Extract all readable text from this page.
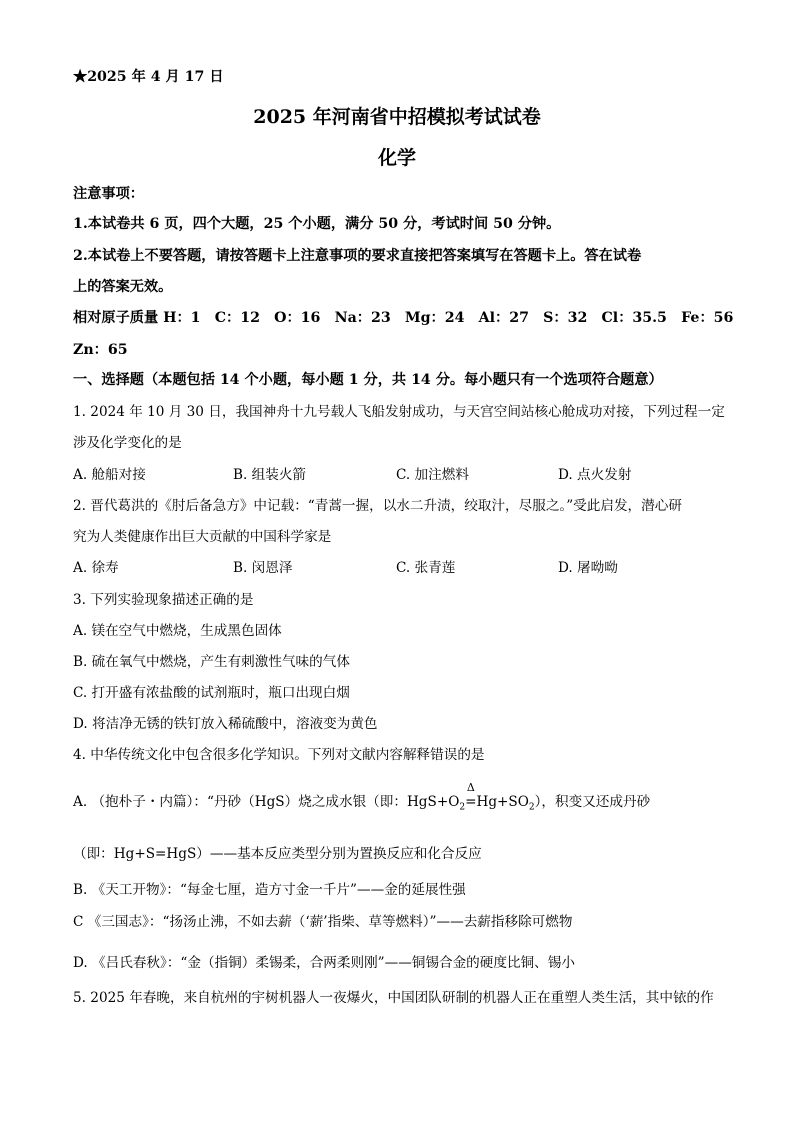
★2025 年 4 月 17 日
2025 年河南省中招模拟考试试卷
化学
注意事项：
1.本试卷共 6 页，四个大题，25 个小题，满分 50 分，考试时间 50 分钟。
2.本试卷上不要答题，请按答题卡上注意事项的要求直接把答案填写在答题卡上。答在试卷
上的答案无效。
相对原子质量 H：1　C：12　O：16　Na：23　Mg：24　Al：27　S：32　Cl：35.5　Fe：56
Zn：65
一、选择题（本题包括 14 个小题，每小题 1 分，共 14 分。每小题只有一个选项符合题意）
1. 2024 年 10 月 30 日，我国神舟十九号载人飞船发射成功，与天宫空间站核心舱成功对接，下列过程一定
涉及化学变化的是
A. 舱船对接	B. 组装火箭	C. 加注燃料	D. 点火发射
2. 晋代葛洪的《肘后备急方》中记载：“青蒿一握，以水二升渍，绞取汁，尽服之。”受此启发，潜心研
究为人类健康作出巨大贡献的中国科学家是
A. 徐寿	B. 闵恩泽	C. 张青莲	D. 屠呦呦
3. 下列实验现象描述正确的是
A. 镁在空气中燃烧，生成黑色固体
B. 硫在氧气中燃烧，产生有刺激性气味的气体
C. 打开盛有浓盐酸的试剂瓶时，瓶口出现白烟
D. 将洁净无锈的铁钉放入稀硫酸中，溶液变为黄色
4. 中华传统文化中包含很多化学知识。下列对文献内容解释错误的是
A. （抱朴子・内篇）：“丹砂（HgS）烧之成水银（即：$HgS+O_2$
Δ
$=Hg+SO_2$），积变又还成丹砂
（即：Hg+S=HgS）——基本反应类型分别为置换反应和化合反应
B. 《天工开物》：“每金七厘，造方寸金一千片”——金的延展性强
C 《三国志》：“扬汤止沸，不如去薪（‘薪’指柴、草等燃料）”——去薪指移除可燃物
D. 《吕氏春秋》：“金（指铜）柔锡柔，合两柔则刚”——铜锡合金的硬度比铜、锡小
5. 2025 年春晚，来自杭州的宇树机器人一夜爆火，中国团队研制的机器人正在重塑人类生活，其中铱的作
